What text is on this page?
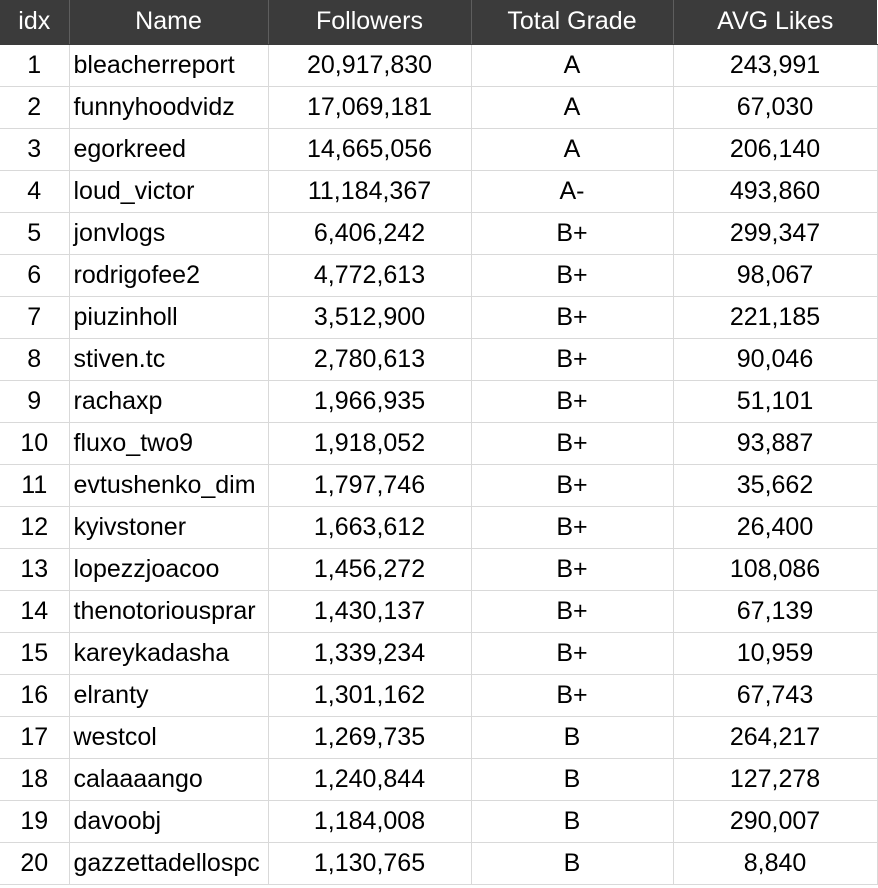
idx	Name	Followers	Total Grade	AVG Likes
1	bleacherreport	20,917,830	A	243,991
2	funnyhoodvidz	17,069,181	A	67,030
3	egorkreed	14,665,056	A	206,140
4	loud_victor	11,184,367	A-	493,860
5	jonvlogs	6,406,242	B+	299,347
6	rodrigofee2	4,772,613	B+	98,067
7	piuzinholl	3,512,900	B+	221,185
8	stiven.tc	2,780,613	B+	90,046
9	rachaxp	1,966,935	B+	51,101
10	fluxo_two9	1,918,052	B+	93,887
11	evtushenko_dim	1,797,746	B+	35,662
12	kyivstoner	1,663,612	B+	26,400
13	lopezzjoacoo	1,456,272	B+	108,086
14	thenotoriousprar	1,430,137	B+	67,139
15	kareykadasha	1,339,234	B+	10,959
16	elranty	1,301,162	B+	67,743
17	westcol	1,269,735	B	264,217
18	calaaaango	1,240,844	B	127,278
19	davoobj	1,184,008	B	290,007
20	gazzettadellospc	1,130,765	B	8,840
